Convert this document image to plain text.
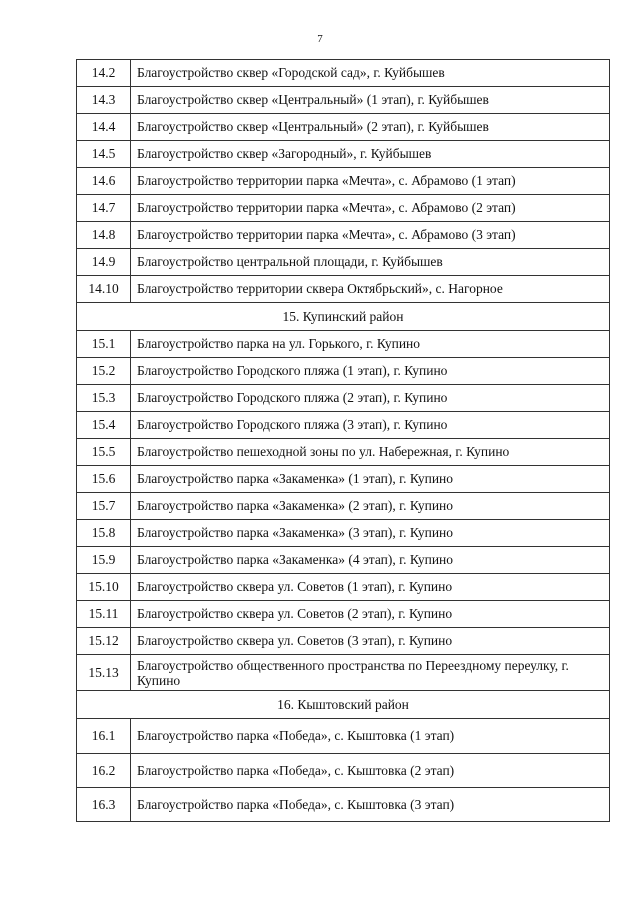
7
14.2	Благоустройство сквер «Городской сад», г. Куйбышев
14.3	Благоустройство сквер «Центральный» (1 этап), г. Куйбышев
14.4	Благоустройство сквер «Центральный» (2 этап), г. Куйбышев
14.5	Благоустройство сквер «Загородный», г. Куйбышев
14.6	Благоустройство территории парка «Мечта», с. Абрамово (1 этап)
14.7	Благоустройство территории парка «Мечта», с. Абрамово (2 этап)
14.8	Благоустройство территории парка «Мечта», с. Абрамово (3 этап)
14.9	Благоустройство центральной площади, г. Куйбышев
14.10	Благоустройство территории сквера Октябрьский», с. Нагорное
15. Купинский район	
15.1	Благоустройство парка на ул. Горького, г. Купино
15.2	Благоустройство Городского пляжа (1 этап), г. Купино
15.3	Благоустройство Городского пляжа (2 этап), г. Купино
15.4	Благоустройство Городского пляжа (3 этап), г. Купино
15.5	Благоустройство пешеходной зоны по ул. Набережная, г. Купино
15.6	Благоустройство парка «Закаменка» (1 этап), г. Купино
15.7	Благоустройство парка «Закаменка» (2 этап), г. Купино
15.8	Благоустройство парка «Закаменка» (3 этап), г. Купино
15.9	Благоустройство парка «Закаменка» (4 этап), г. Купино
15.10	Благоустройство сквера ул. Советов (1 этап), г. Купино
15.11	Благоустройство сквера ул. Советов (2 этап), г. Купино
15.12	Благоустройство сквера ул. Советов (3 этап), г. Купино
15.13	Благоустройство общественного пространства по Переездному переулку, г. Купино
16. Кыштовский район	
16.1	Благоустройство парка «Победа», с. Кыштовка (1 этап)
16.2	Благоустройство парка «Победа», с. Кыштовка (2 этап)
16.3	Благоустройство парка «Победа», с. Кыштовка (3 этап)
